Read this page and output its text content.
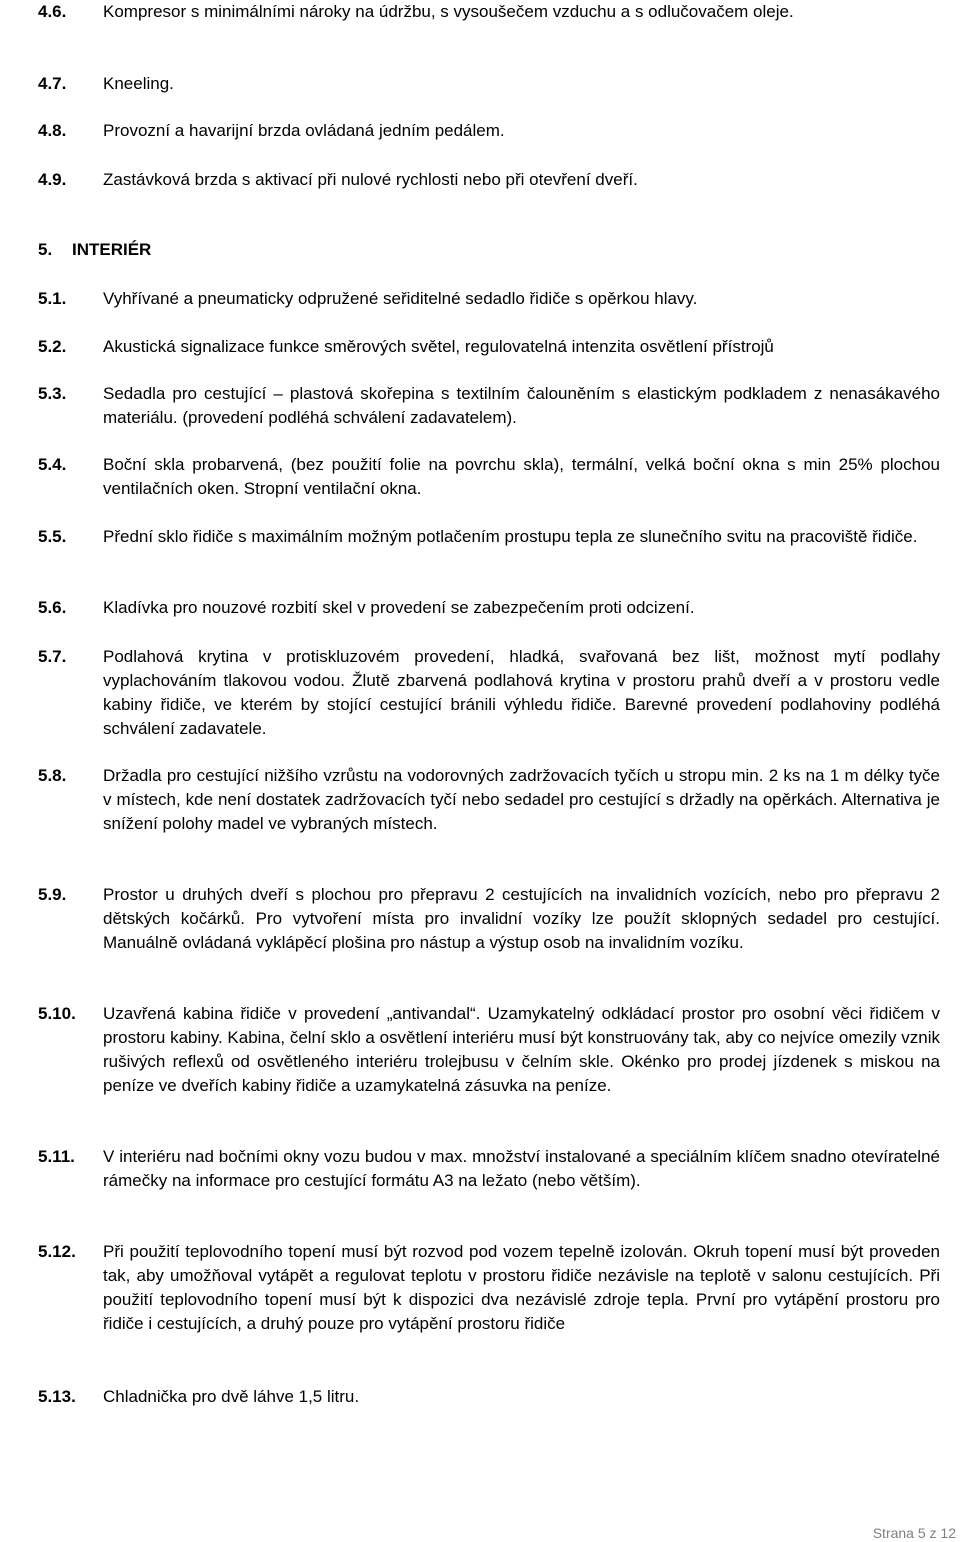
4.6. Kompresor s minimálními nároky na údržbu, s vysoušečem vzduchu a s odlučovačem oleje.
4.7. Kneeling.
4.8. Provozní a havarijní brzda ovládaná jedním pedálem.
4.9. Zastávková brzda s aktivací při nulové rychlosti nebo při otevření dveří.
5. INTERIÉR
5.1. Vyhřívané a pneumaticky odpružené seřiditelné sedadlo řidiče s opěrkou hlavy.
5.2. Akustická signalizace funkce směrových světel, regulovatelná intenzita osvětlení přístrojů
5.3. Sedadla pro cestující – plastová skořepina s textilním čalouněním s elastickým podkladem z nenasákavého materiálu. (provedení podléhá schválení zadavatelem).
5.4. Boční skla probarvená, (bez použití folie na povrchu skla), termální, velká boční okna s min 25% plochou ventilačních oken. Stropní ventilační okna.
5.5. Přední sklo řidiče s maximálním možným potlačením prostupu tepla ze slunečního svitu na pracoviště řidiče.
5.6. Kladívka pro nouzové rozbití skel v provedení se zabezpečením proti odcizení.
5.7. Podlahová krytina v protiskluzovém provedení, hladká, svařovaná bez lišt, možnost mytí podlahy vyplachováním tlakovou vodou. Žlutě zbarvená podlahová krytina v prostoru prahů dveří a v prostoru vedle kabiny řidiče, ve kterém by stojící cestující bránili výhledu řidiče. Barevné provedení podlahoviny podléhá schválení zadavatele.
5.8. Držadla pro cestující nižšího vzrůstu na vodorovných zadržovacích tyčích u stropu min. 2 ks na 1 m délky tyče v místech, kde není dostatek zadržovacích tyčí nebo sedadel pro cestující s držadly na opěrkách. Alternativa je snížení polohy madel ve vybraných místech.
5.9. Prostor u druhých dveří s plochou pro přepravu 2 cestujících na invalidních vozících, nebo pro přepravu 2 dětských kočárků. Pro vytvoření místa pro invalidní vozíky lze použít sklopných sedadel pro cestující. Manuálně ovládaná vyklápěcí plošina pro nástup a výstup osob na invalidním vozíku.
5.10. Uzavřená kabina řidiče v provedení „antivandal“. Uzamykatelný odkládací prostor pro osobní věci řidičem v prostoru kabiny. Kabina, čelní sklo a osvětlení interiéru musí být konstruovány tak, aby co nejvíce omezily vznik rušivých reflexů od osvětleného interiéru trolejbusu v čelním skle. Okénko pro prodej jízdenek s miskou na peníze ve dveřích kabiny řidiče a uzamykatelná zásuvka na peníze.
5.11. V interiéru nad bočními okny vozu budou v max. množství instalované a speciálním klíčem snadno otevíratelné rámečky na informace pro cestující formátu A3 na ležato (nebo větším).
5.12. Při použití teplovodního topení musí být rozvod pod vozem tepelně izolován. Okruh topení musí být proveden tak, aby umožňoval vytápět a regulovat teplotu v prostoru řidiče nezávisle na teplotě v salonu cestujících. Při použití teplovodního topení musí být k dispozici dva nezávislé zdroje tepla. První pro vytápění prostoru pro řidiče i cestujících, a druhý pouze pro vytápění prostoru řidiče
5.13. Chladnička pro dvě láhve 1,5 litru.
Strana 5 z 12
